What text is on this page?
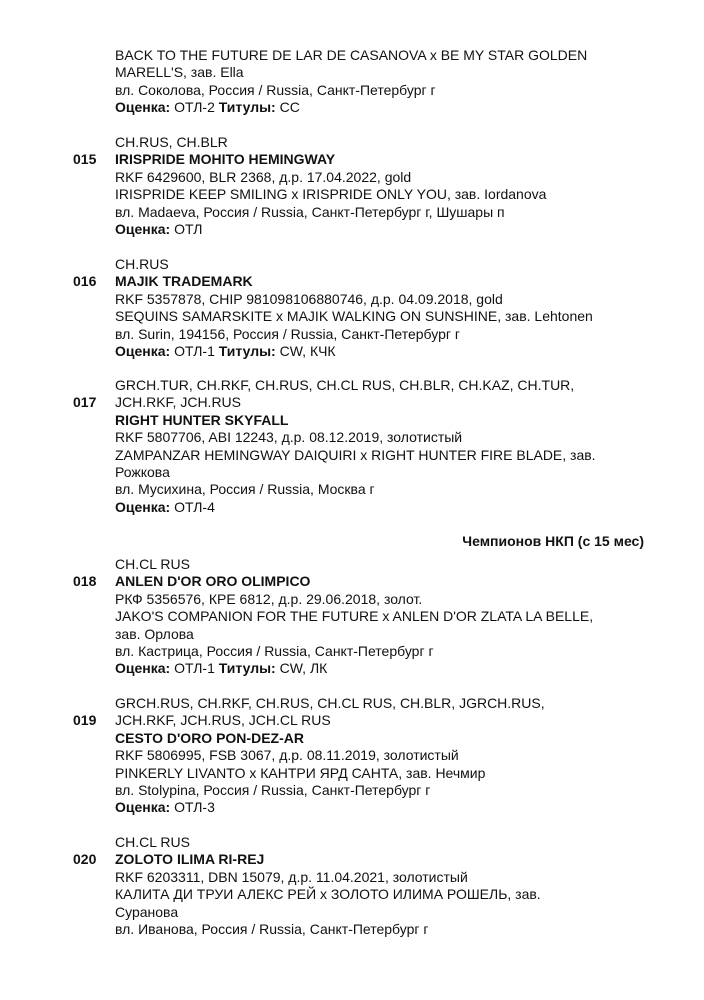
BACK TO THE FUTURE DE LAR DE CASANOVA x BE MY STAR GOLDEN
MARELL'S, зав. Ella
вл. Соколова, Россия / Russia, Санкт-Петербург г
Оценка: ОТЛ-2 Титулы: CC
CH.RUS, CH.BLR
015 IRISPRIDE MOHITO HEMINGWAY
RKF 6429600, BLR 2368, д.р. 17.04.2022, gold
IRISPRIDE KEEP SMILING x IRISPRIDE ONLY YOU, зав. Iordanova
вл. Madaeva, Россия / Russia, Санкт-Петербург г, Шушары п
Оценка: ОТЛ
CH.RUS
016 MAJIK TRADEMARK
RKF 5357878, CHIP 981098106880746, д.р. 04.09.2018, gold
SEQUINS SAMARSKITE x MAJIK WALKING ON SUNSHINE, зав. Lehtonen
вл. Surin, 194156, Россия / Russia, Санкт-Петербург г
Оценка: ОТЛ-1 Титулы: CW, КЧК
GRCH.TUR, CH.RKF, CH.RUS, CH.CL RUS, CH.BLR, CH.KAZ, CH.TUR,
017 JCH.RKF, JCH.RUS
RIGHT HUNTER SKYFALL
RKF 5807706, ABI 12243, д.р. 08.12.2019, золотистый
ZAMPANZAR HEMINGWAY DAIQUIRI x RIGHT HUNTER FIRE BLADE, зав.
Рожкова
вл. Мусихина, Россия / Russia, Москва г
Оценка: ОТЛ-4
Чемпионов НКП (с 15 мес)
CH.CL RUS
018 ANLEN D'OR ORO OLIMPICO
РКФ 5356576, КРЕ 6812, д.р. 29.06.2018, золот.
JAKO'S COMPANION FOR THE FUTURE x ANLEN D'OR ZLATA LA BELLE,
зав. Орлова
вл. Кастрица, Россия / Russia, Санкт-Петербург г
Оценка: ОТЛ-1 Титулы: CW, ЛК
GRCH.RUS, CH.RKF, CH.RUS, CH.CL RUS, CH.BLR, JGRCH.RUS,
019 JCH.RKF, JCH.RUS, JCH.CL RUS
CESTO D'ORO PON-DEZ-AR
RKF 5806995, FSB 3067, д.р. 08.11.2019, золотистый
PINKERLY LIVANTO x КАНТРИ ЯРД САНТА, зав. Нечмир
вл. Stolypina, Россия / Russia, Санкт-Петербург г
Оценка: ОТЛ-3
CH.CL RUS
020 ZOLOTO ILIMA RI-REJ
RKF 6203311, DBN 15079, д.р. 11.04.2021, золотистый
КАЛИТА ДИ ТРУИ АЛЕКС РЕЙ x ЗОЛОТО ИЛИМА РОШЕЛЬ, зав.
Суранова
вл. Иванова, Россия / Russia, Санкт-Петербург г
